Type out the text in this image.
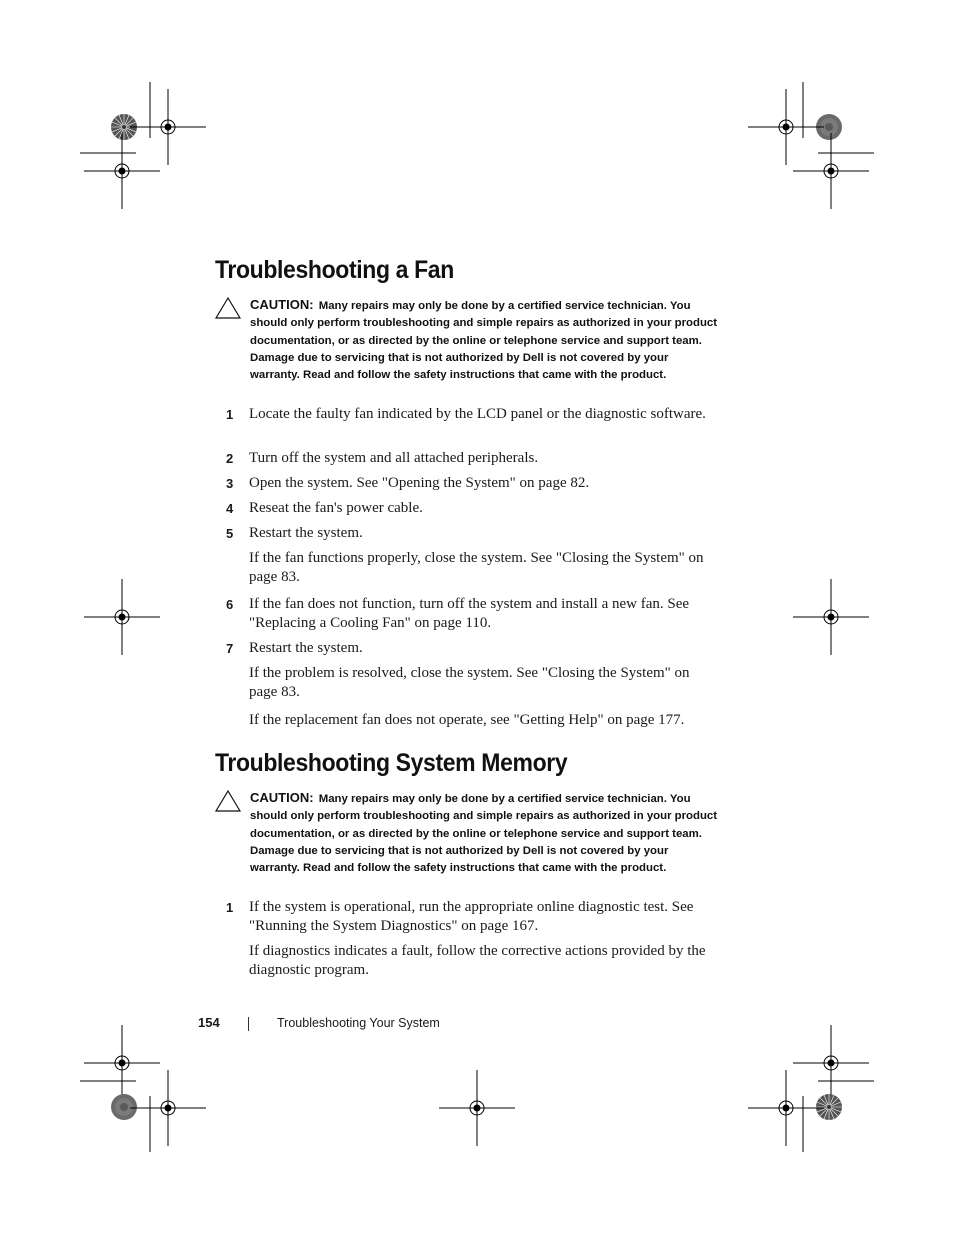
Troubleshooting a Fan
CAUTION: Many repairs may only be done by a certified service technician. You should only perform troubleshooting and simple repairs as authorized in your product documentation, or as directed by the online or telephone service and support team. Damage due to servicing that is not authorized by Dell is not covered by your warranty. Read and follow the safety instructions that came with the product.
1	Locate the faulty fan indicated by the LCD panel or the diagnostic software.
2	Turn off the system and all attached peripherals.
3	Open the system. See "Opening the System" on page 82.
4	Reseat the fan's power cable.
5	Restart the system.
If the fan functions properly, close the system. See "Closing the System" on page 83.
6	If the fan does not function, turn off the system and install a new fan. See "Replacing a Cooling Fan" on page 110.
7	Restart the system.
If the problem is resolved, close the system. See "Closing the System" on page 83.
If the replacement fan does not operate, see "Getting Help" on page 177.
Troubleshooting System Memory
CAUTION: Many repairs may only be done by a certified service technician. You should only perform troubleshooting and simple repairs as authorized in your product documentation, or as directed by the online or telephone service and support team. Damage due to servicing that is not authorized by Dell is not covered by your warranty. Read and follow the safety instructions that came with the product.
1	If the system is operational, run the appropriate online diagnostic test. See "Running the System Diagnostics" on page 167.
If diagnostics indicates a fault, follow the corrective actions provided by the diagnostic program.
154	Troubleshooting Your System
